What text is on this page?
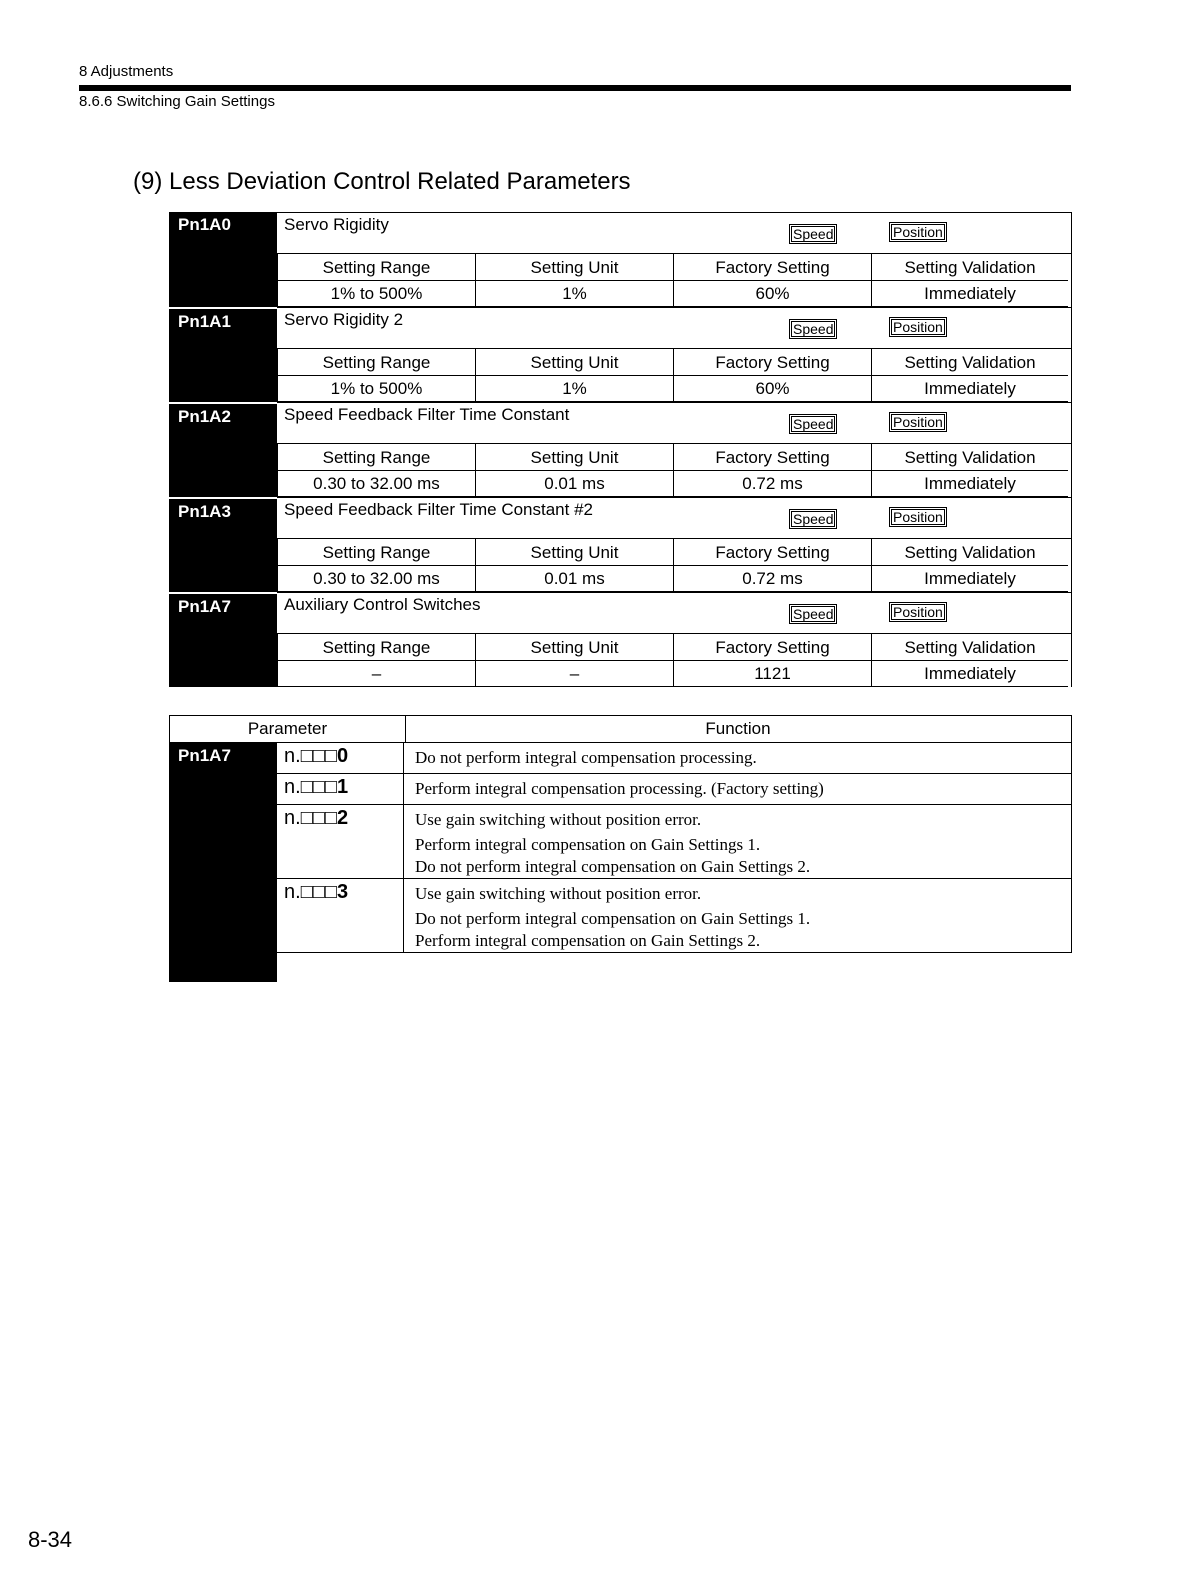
8 Adjustments
8.6.6 Switching Gain Settings
(9) Less Deviation Control Related Parameters
Pn1A0	Servo Rigidity	Speed	Position
Setting Range	Setting Unit	Factory Setting	Setting Validation
1% to 500%	1%	60%	Immediately
Pn1A1	Servo Rigidity 2	Speed	Position
Setting Range	Setting Unit	Factory Setting	Setting Validation
1% to 500%	1%	60%	Immediately
Pn1A2	Speed Feedback Filter Time Constant	Speed	Position
Setting Range	Setting Unit	Factory Setting	Setting Validation
0.30 to 32.00 ms	0.01 ms	0.72 ms	Immediately
Pn1A3	Speed Feedback Filter Time Constant #2	Speed	Position
Setting Range	Setting Unit	Factory Setting	Setting Validation
0.30 to 32.00 ms	0.01 ms	0.72 ms	Immediately
Pn1A7	Auxiliary Control Switches	Speed	Position
Setting Range	Setting Unit	Factory Setting	Setting Validation
–	–	1121	Immediately
Parameter	Function
Pn1A7	n.□□□0	Do not perform integral compensation processing.
n.□□□1	Perform integral compensation processing. (Factory setting)
n.□□□2	Use gain switching without position error.
Perform integral compensation on Gain Settings 1.
Do not perform integral compensation on Gain Settings 2.
n.□□□3	Use gain switching without position error.
Do not perform integral compensation on Gain Settings 1.
Perform integral compensation on Gain Settings 2.
8-34
